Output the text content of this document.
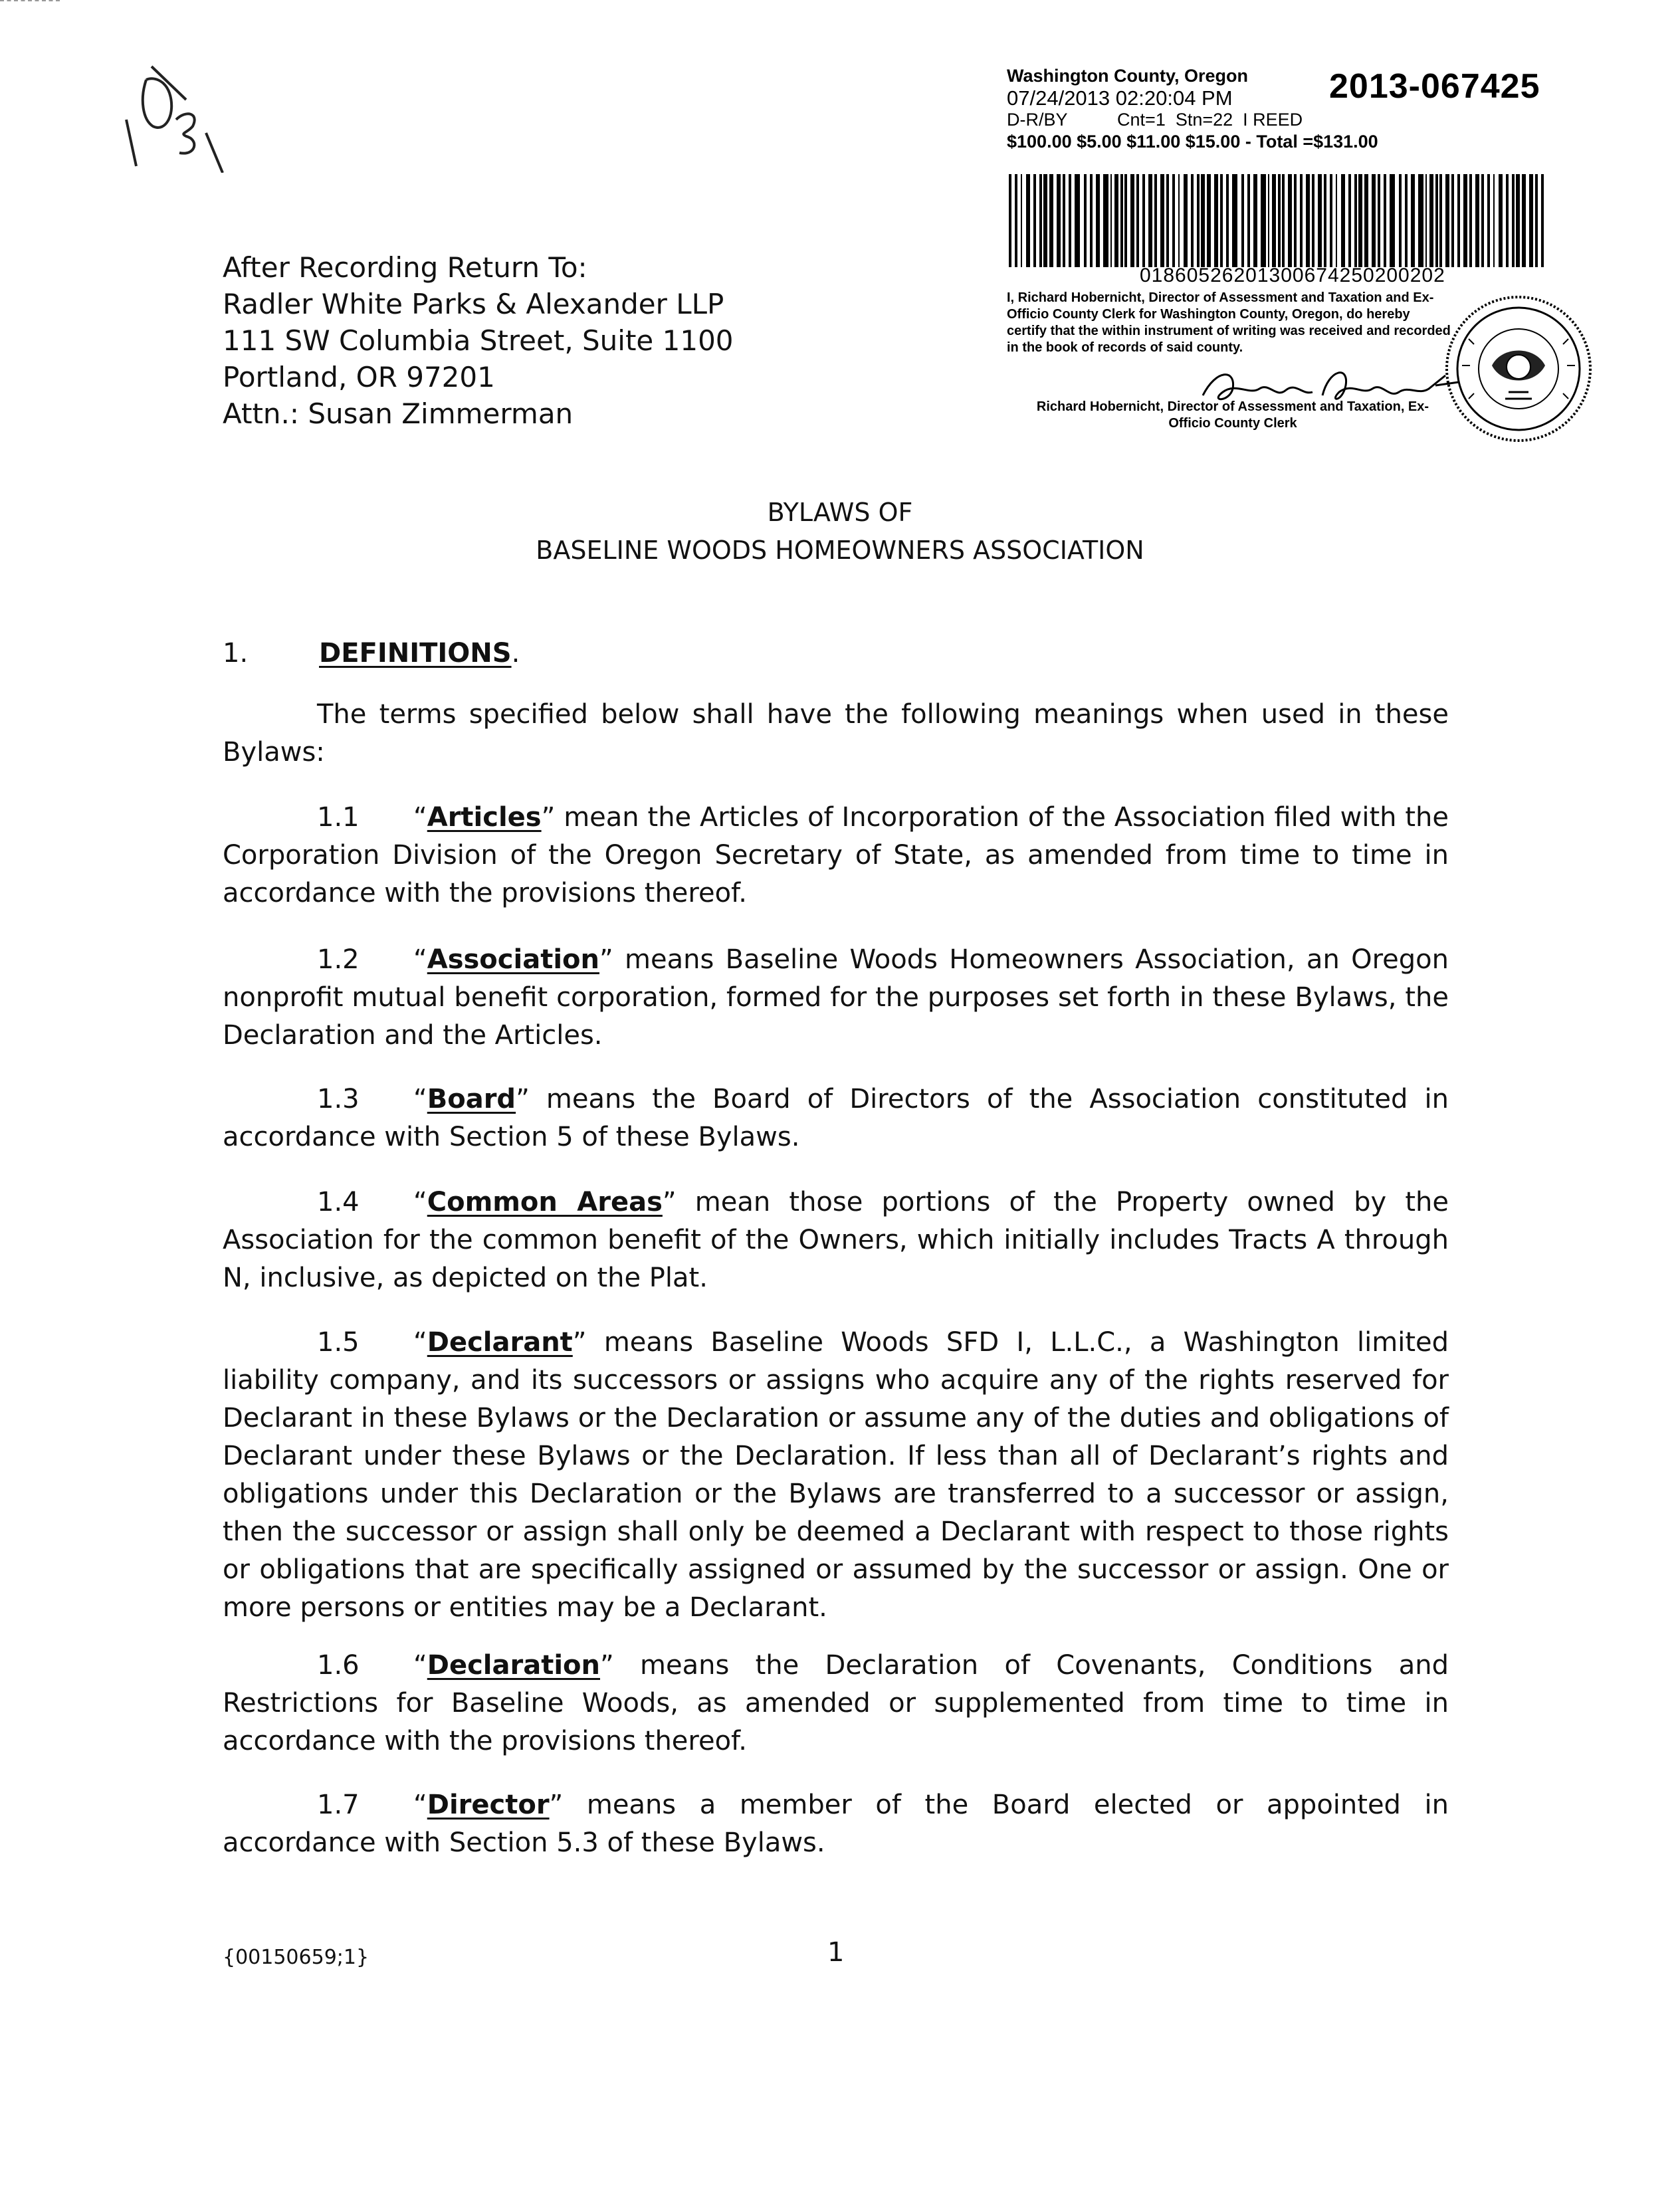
Washington County, Oregon
07/24/2013 02:20:04 PM
D-R/BY          Cnt=1  Stn=22  I REED
$100.00 $5.00 $11.00 $15.00 - Total =$131.00
2013-067425
01860526201300674250200202
I, Richard Hobernicht, Director of Assessment and Taxation and Ex-Officio County Clerk for Washington County, Oregon, do hereby certify that the within instrument of writing was received and recorded in the book of records of said county.
Richard Hobernicht, Director of Assessment and Taxation, Ex-Officio County Clerk
After Recording Return To:
Radler White Parks & Alexander LLP
111 SW Columbia Street, Suite 1100
Portland, OR 97201
Attn.: Susan Zimmerman
BYLAWS OF
BASELINE WOODS HOMEOWNERS ASSOCIATION
1.	DEFINITIONS.
The terms specified below shall have the following meanings when used in these Bylaws:
1.1 “Articles” mean the Articles of Incorporation of the Association filed with the Corporation Division of the Oregon Secretary of State, as amended from time to time in accordance with the provisions thereof.
1.2 “Association” means Baseline Woods Homeowners Association, an Oregon nonprofit mutual benefit corporation, formed for the purposes set forth in these Bylaws, the Declaration and the Articles.
1.3 “Board” means the Board of Directors of the Association constituted in accordance with Section 5 of these Bylaws.
1.4 “Common Areas” mean those portions of the Property owned by the Association for the common benefit of the Owners, which initially includes Tracts A through N, inclusive, as depicted on the Plat.
1.5 “Declarant” means Baseline Woods SFD I, L.L.C., a Washington limited liability company, and its successors or assigns who acquire any of the rights reserved for Declarant in these Bylaws or the Declaration or assume any of the duties and obligations of Declarant under these Bylaws or the Declaration. If less than all of Declarant’s rights and obligations under this Declaration or the Bylaws are transferred to a successor or assign, then the successor or assign shall only be deemed a Declarant with respect to those rights or obligations that are specifically assigned or assumed by the successor or assign. One or more persons or entities may be a Declarant.
1.6 “Declaration” means the Declaration of Covenants, Conditions and Restrictions for Baseline Woods, as amended or supplemented from time to time in accordance with the provisions thereof.
1.7 “Director” means a member of the Board elected or appointed in accordance with Section 5.3 of these Bylaws.
{00150659;1}	1
